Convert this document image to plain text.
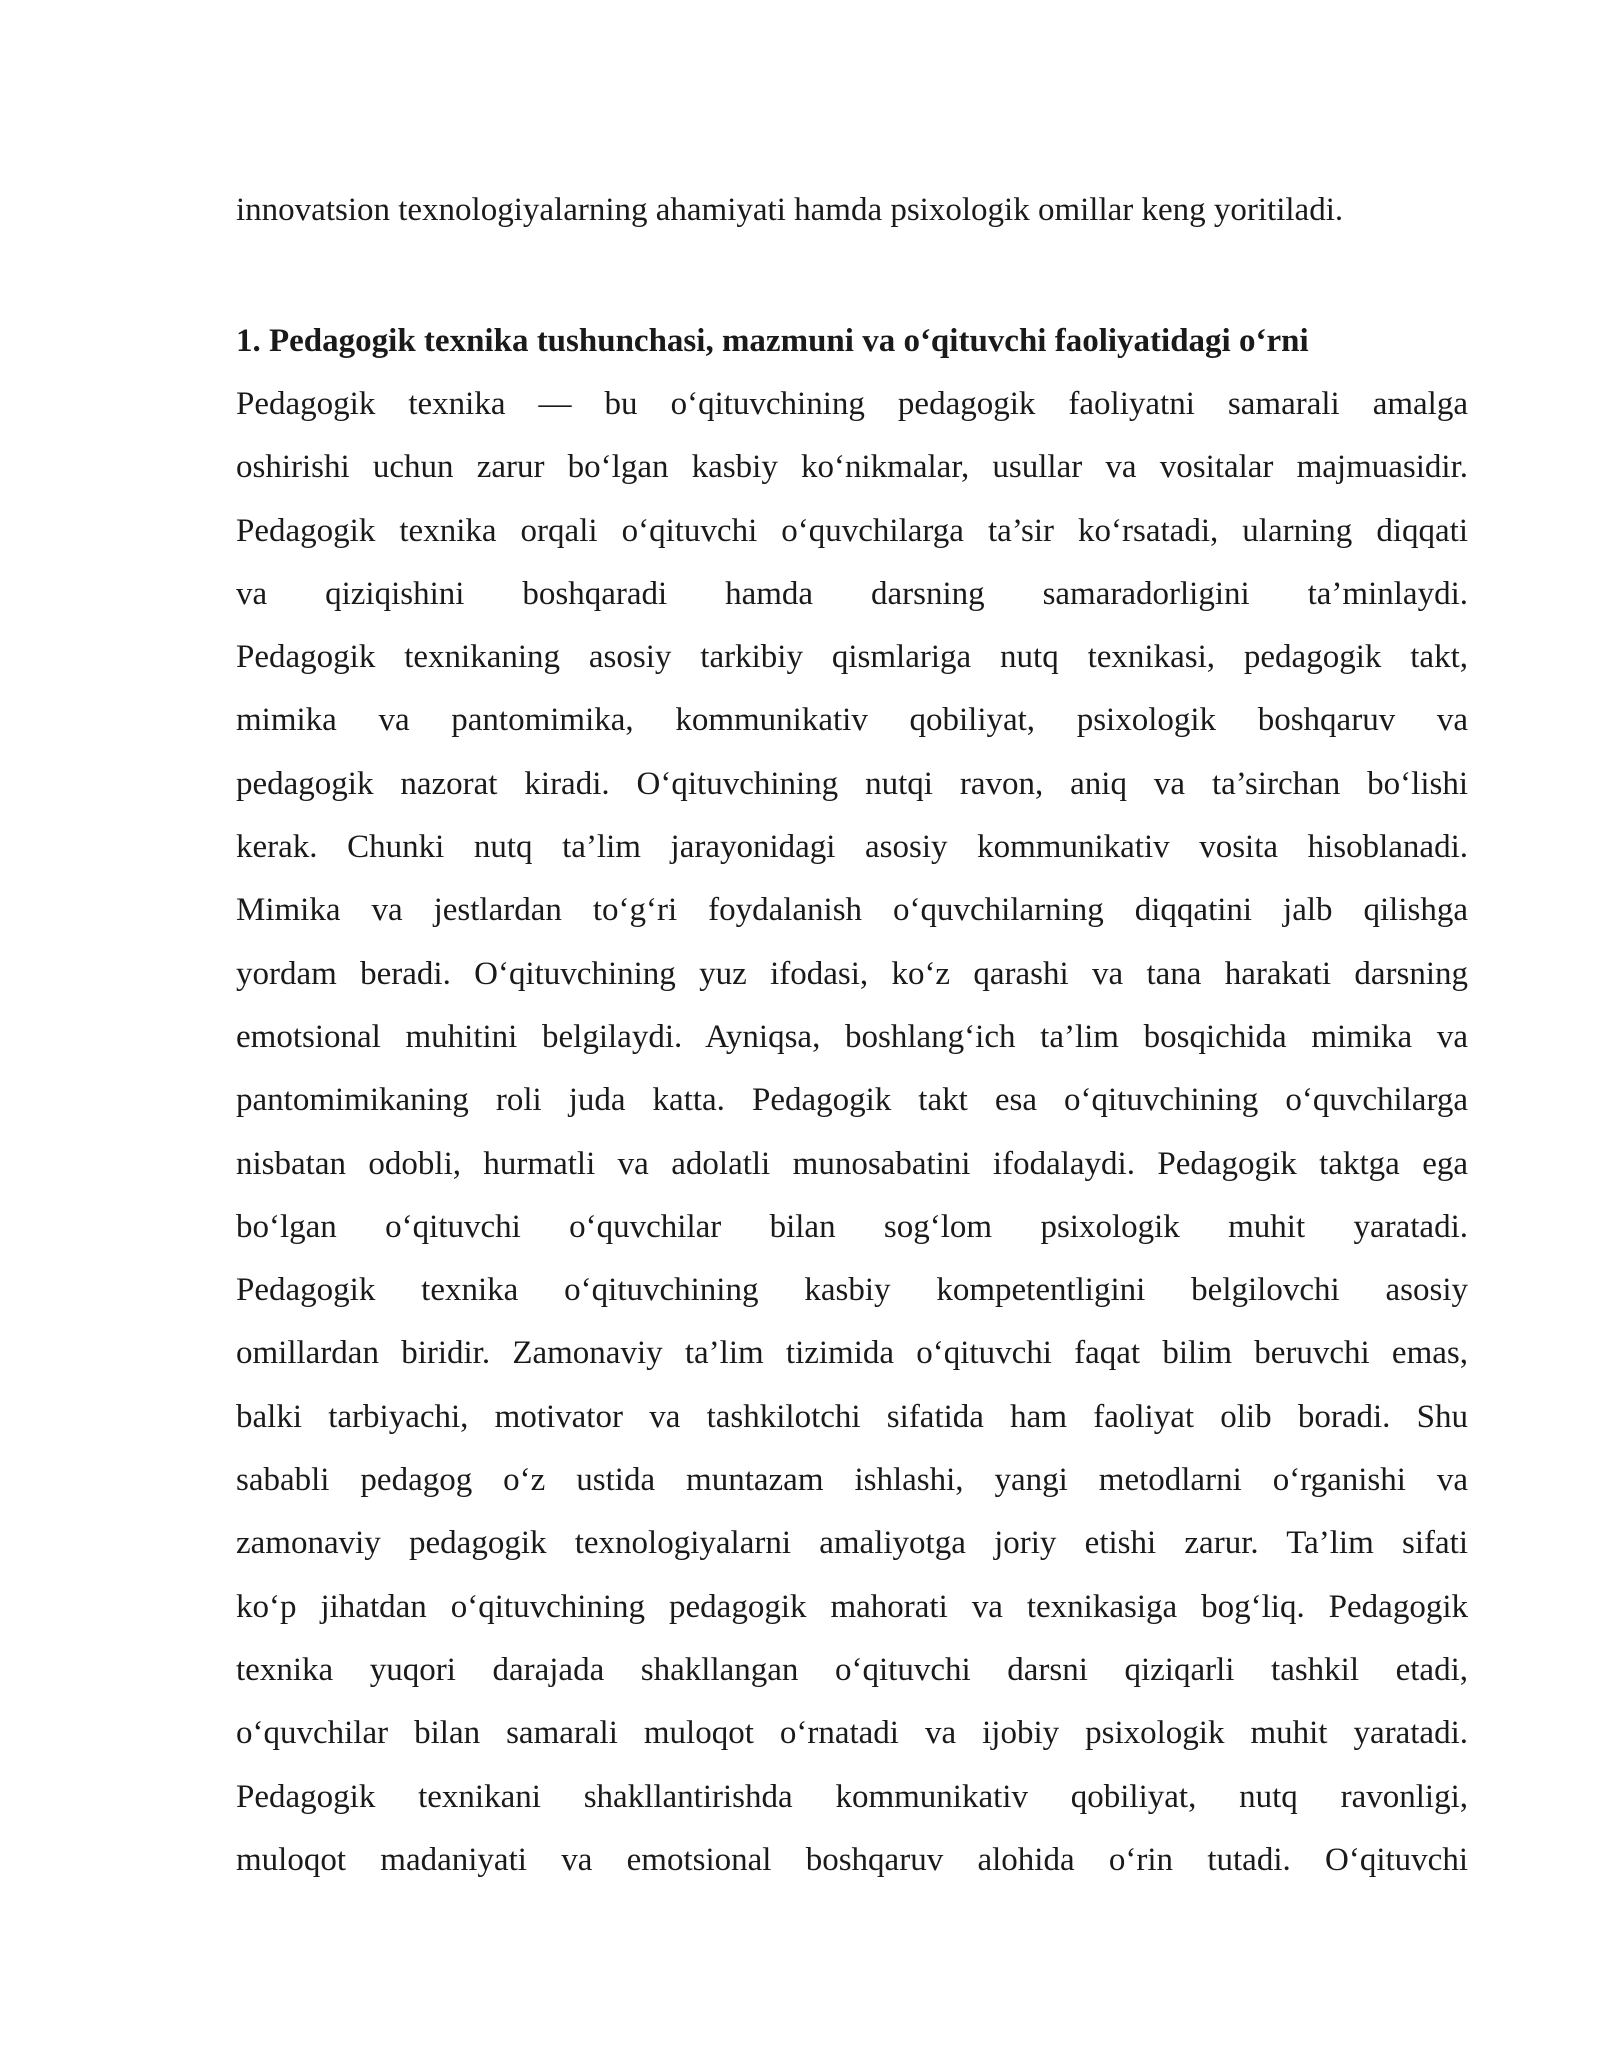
innovatsion texnologiyalarning ahamiyati hamda psixologik omillar keng yoritiladi.
1. Pedagogik texnika tushunchasi, mazmuni va o‘qituvchi faoliyatidagi o‘rni
Pedagogik texnika — bu o‘qituvchining pedagogik faoliyatni samarali amalga
oshirishi uchun zarur bo‘lgan kasbiy ko‘nikmalar, usullar va vositalar majmuasidir.
Pedagogik texnika orqali o‘qituvchi o‘quvchilarga ta’sir ko‘rsatadi, ularning diqqati
va qiziqishini boshqaradi hamda darsning samaradorligini ta’minlaydi.
Pedagogik texnikaning asosiy tarkibiy qismlariga nutq texnikasi, pedagogik takt,
mimika va pantomimika, kommunikativ qobiliyat, psixologik boshqaruv va
pedagogik nazorat kiradi. O‘qituvchining nutqi ravon, aniq va ta’sirchan bo‘lishi
kerak. Chunki nutq ta’lim jarayonidagi asosiy kommunikativ vosita hisoblanadi.
Mimika va jestlardan to‘g‘ri foydalanish o‘quvchilarning diqqatini jalb qilishga
yordam beradi. O‘qituvchining yuz ifodasi, ko‘z qarashi va tana harakati darsning
emotsional muhitini belgilaydi. Ayniqsa, boshlang‘ich ta’lim bosqichida mimika va
pantomimikaning roli juda katta. Pedagogik takt esa o‘qituvchining o‘quvchilarga
nisbatan odobli, hurmatli va adolatli munosabatini ifodalaydi. Pedagogik taktga ega
bo‘lgan o‘qituvchi o‘quvchilar bilan sog‘lom psixologik muhit yaratadi.
Pedagogik texnika o‘qituvchining kasbiy kompetentligini belgilovchi asosiy
omillardan biridir. Zamonaviy ta’lim tizimida o‘qituvchi faqat bilim beruvchi emas,
balki tarbiyachi, motivator va tashkilotchi sifatida ham faoliyat olib boradi. Shu
sababli pedagog o‘z ustida muntazam ishlashi, yangi metodlarni o‘rganishi va
zamonaviy pedagogik texnologiyalarni amaliyotga joriy etishi zarur. Ta’lim sifati
ko‘p jihatdan o‘qituvchining pedagogik mahorati va texnikasiga bog‘liq. Pedagogik
texnika yuqori darajada shakllangan o‘qituvchi darsni qiziqarli tashkil etadi,
o‘quvchilar bilan samarali muloqot o‘rnatadi va ijobiy psixologik muhit yaratadi.
Pedagogik texnikani shakllantirishda kommunikativ qobiliyat, nutq ravonligi,
muloqot madaniyati va emotsional boshqaruv alohida o‘rin tutadi. O‘qituvchi
